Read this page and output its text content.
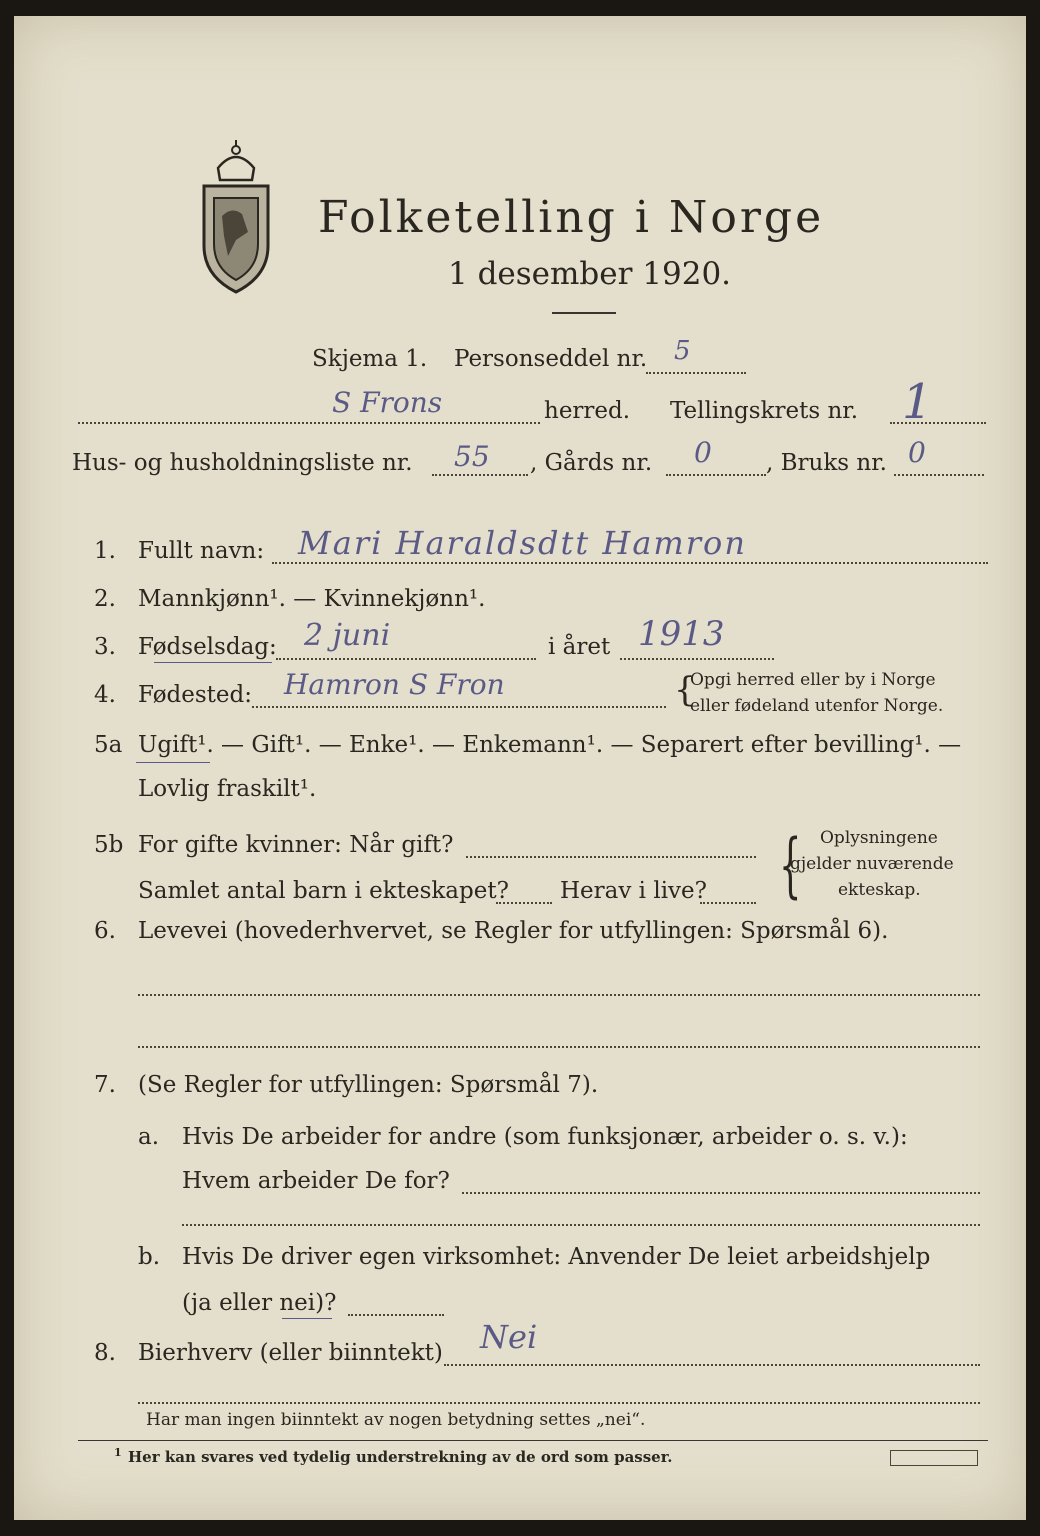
Folketelling i Norge
1 desember 1920.
Skjema 1. Personseddel nr. 5
S Frons	herred. Tellingskrets nr. 1
Hus- og husholdningsliste nr. 55 , Gårds nr. 0 , Bruks nr. 0
1. Fullt navn: Mari Haraldsdtt Hamron
2. Mannkjønn¹. — Kvinnekjønn¹.
3. Fødselsdag: 2 juni	i året 1913
4. Fødested: Hamron S Fron	{
Opgi herred eller by i Norge
eller fødeland utenfor Norge.
5a Ugift¹. — Gift¹. — Enke¹. — Enkemann¹. — Separert efter bevilling¹. —
Lovlig fraskilt¹.
5b For gifte kvinner: Når gift?
Samlet antal barn i ekteskapet? Herav i live? { Oplysningene
gjelder nuværende
ekteskap.
6. Levevei (hovederhvervet, se Regler for utfyllingen: Spørsmål 6).
7. (Se Regler for utfyllingen: Spørsmål 7).
a. Hvis De arbeider for andre (som funksjonær, arbeider o. s. v.):
Hvem arbeider De for?
b. Hvis De driver egen virksomhet: Anvender De leiet arbeidshjelp
(ja eller nei)?
8. Bierhverv (eller biinntekt) Nei
Har man ingen biinntekt av nogen betydning settes „nei“.
1 Her kan svares ved tydelig understrekning av de ord som passer.
